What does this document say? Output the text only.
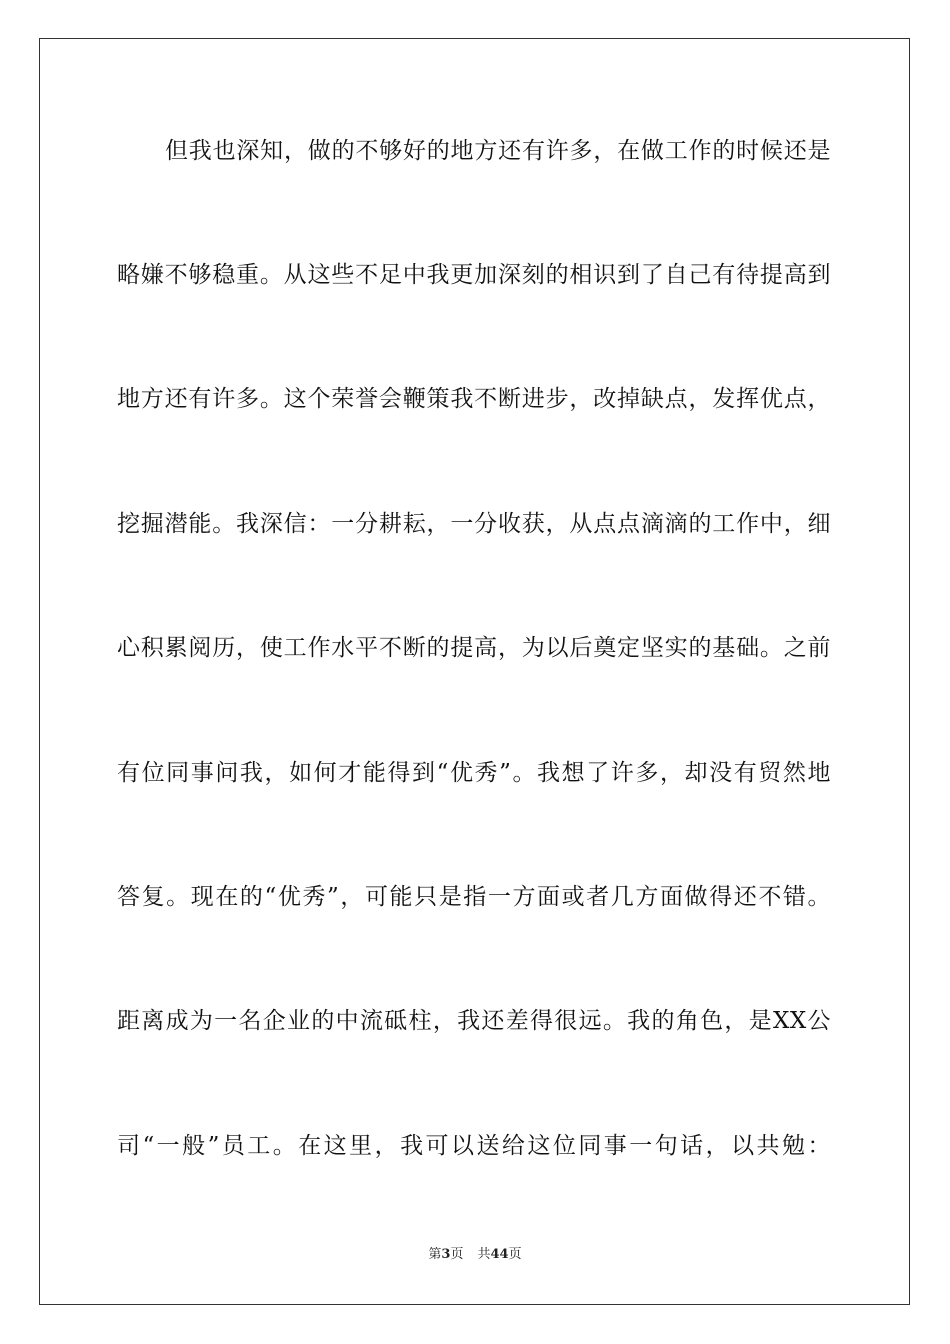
但我也深知，做的不够好的地方还有许多，在做工作的时候还是
略嫌不够稳重。从这些不足中我更加深刻的相识到了自己有待提高到
地方还有许多。这个荣誉会鞭策我不断进步，改掉缺点，发挥优点，
挖掘潜能。我深信：一分耕耘，一分收获，从点点滴滴的工作中，细
心积累阅历，使工作水平不断的提高，为以后奠定坚实的基础。之前
有位同事问我，如何才能得到“优秀”。我想了许多，却没有贸然地
答复。现在的“优秀”，可能只是指一方面或者几方面做得还不错。
距离成为一名企业的中流砥柱，我还差得很远。我的角色，是XX公
司“一般”员工。在这里，我可以送给这位同事一句话，以共勉：
第3页 共44页
